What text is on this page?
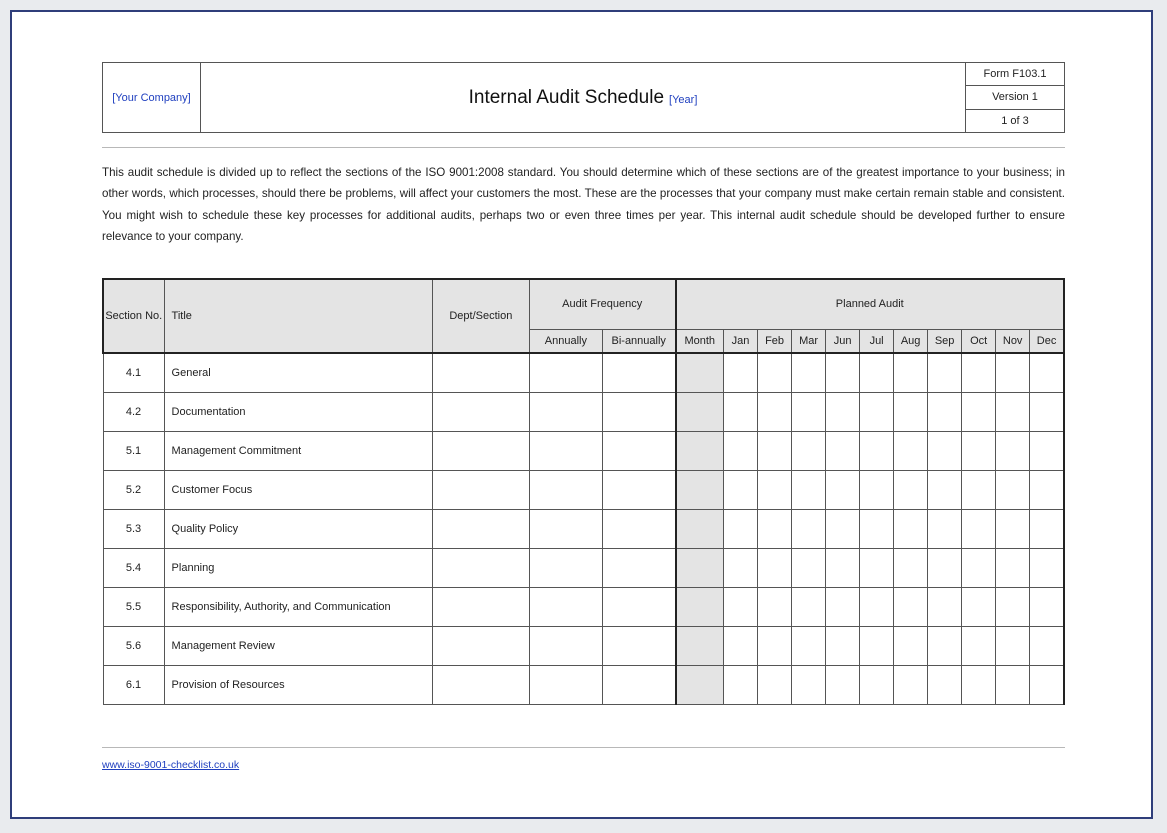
[Your Company]	Internal Audit Schedule [Year]
Form F103.1
Version 1
1 of 3

This audit schedule is divided up to reflect the sections of the ISO 9001:2008 standard. You should determine which of these sections are of the greatest importance to your business; in other words, which processes, should there be problems, will affect your customers the most. These are the processes that your company must make certain remain stable and consistent. You might wish to schedule these key processes for additional audits, perhaps two or even three times per year. This internal audit schedule should be developed further to ensure relevance to your company.

Section No.	Title	Dept/Section	Audit Frequency		Planned Audit										
			Annually	Bi-annually	Month	Jan	Feb	Mar	Jun	Jul	Aug	Sep	Oct	Nov	Dec
4.1	General														
4.2	Documentation														
5.1	Management Commitment														
5.2	Customer Focus														
5.3	Quality Policy														
5.4	Planning														
5.5	Responsibility, Authority, and Communication														
5.6	Management Review														
6.1	Provision of Resources														
www.iso-9001-checklist.co.uk
